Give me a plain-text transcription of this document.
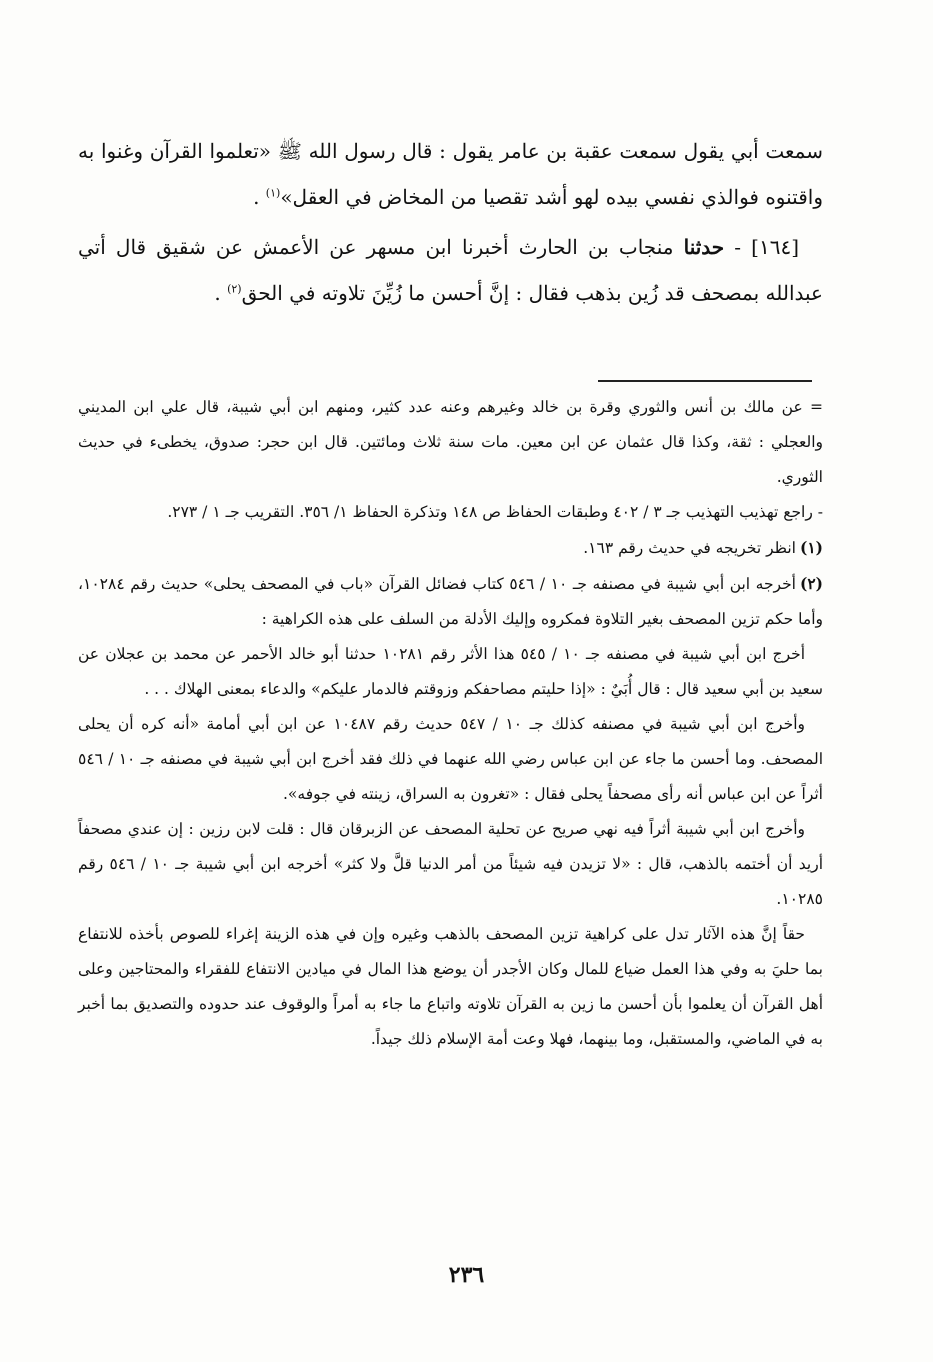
سمعت أبي يقول سمعت عقبة بن عامر يقول : قال رسول الله ﷺ «تعلموا القرآن وغنوا به واقتنوه فوالذي نفسي بيده لهو أشد تقصيا من المخاض في العقل»$^{(١)}$ .

[١٦٤] - حدثنا منجاب بن الحارث أخبرنا ابن مسهر عن الأعمش عن شقيق قال أتي عبدالله بمصحف قد زُين بذهب فقال : إنَّ أحسن ما زُيِّنَ تلاوته في الحق$^{(٢)}$ .

= عن مالك بن أنس والثوري وقرة بن خالد وغيرهم وعنه عدد كثير، ومنهم ابن أبي شيبة، قال علي ابن المديني والعجلي : ثقة، وكذا قال عثمان عن ابن معين. مات سنة ثلاث ومائتين. قال ابن حجر: صدوق، يخطىء في حديث الثوري.

- راجع تهذيب التهذيب جـ ٣ / ٤٠٢ وطبقات الحفاظ ص ١٤٨ وتذكرة الحفاظ ١/ ٣٥٦. التقريب جـ ١ / ٢٧٣.

(١)انظر تخريجه في حديث رقم ١٦٣.

(٢)أخرجه ابن أبي شيبة في مصنفه جـ ١٠ / ٥٤٦ كتاب فضائل القرآن «باب في المصحف يحلى» حديث رقم ١٠٢٨٤، وأما حكم تزين المصحف بغير التلاوة فمكروه وإليك الأدلة من السلف على هذه الكراهية :

أخرج ابن أبي شيبة في مصنفه جـ ١٠ / ٥٤٥ هذا الأثر رقم ١٠٢٨١ حدثنا أبو خالد الأحمر عن محمد بن عجلان عن سعيد بن أبي سعيد قال : قال أُبَيٌ : «إذا حليتم مصاحفكم وزوقتم فالدمار عليكم» والدعاء بمعنى الهلاك . . .

وأخرج ابن أبي شيبة في مصنفه كذلك جـ ١٠ / ٥٤٧ حديث رقم ١٠٤٨٧ عن ابن أبي أمامة «أنه كره أن يحلى المصحف. وما أحسن ما جاء عن ابن عباس رضي الله عنهما في ذلك فقد أخرج ابن أبي شيبة في مصنفه جـ ١٠ / ٥٤٦ أثراً عن ابن عباس أنه رأى مصحفاً يحلى فقال : «تغرون به السراق، زينته في جوفه».

وأخرج ابن أبي شيبة أثراً فيه نهي صريح عن تحلية المصحف عن الزبرقان قال : قلت لابن رزين : إن عندي مصحفاً أريد أن أختمه بالذهب، قال : «لا تزيدن فيه شيئاً من أمر الدنيا قلَّ ولا كثر» أخرجه ابن أبي شيبة جـ ١٠ / ٥٤٦ رقم ١٠٢٨٥.

حقاً إنَّ هذه الآثار تدل على كراهية تزين المصحف بالذهب وغيره وإن في هذه الزينة إغراء للصوص بأخذه للانتفاع بما حليَ به وفي هذا العمل ضياع للمال وكان الأجدر أن يوضع هذا المال في ميادين الانتفاع للفقراء والمحتاجين وعلى أهل القرآن أن يعلموا بأن أحسن ما زين به القرآن تلاوته واتباع ما جاء به أمراً والوقوف عند حدوده والتصديق بما أخبر به في الماضي، والمستقبل، وما بينهما، فهلا وعت أمة الإسلام ذلك جيداً.

٢٣٦
